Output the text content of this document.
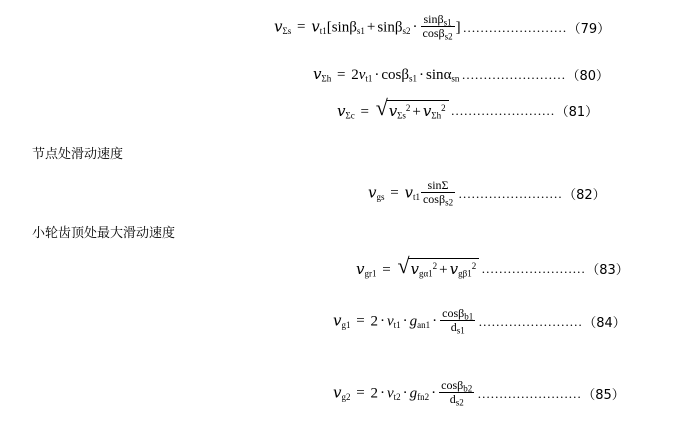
$v_{\Sigma s} = v_{t1}[\sin\beta_{s1} + \sin\beta_{s2} \cdot \frac{\sin\beta_{s1}}{\cos\beta_{s2}}$ ] …………………… （79）
$v_{\Sigma h} = 2v_{t1} \cdot \cos\beta_{s1} \cdot \sin\alpha_{sn}$ …………………… （80）
$v_{\Sigma c}$ = √ $v_{\Sigma s}^2 + v_{\Sigma h}^2$ …………………… （81）
节点处滑动速度
$v_{gs} = v_{t1} \frac{\sin\Sigma}{\cos\beta_{s2}}$ …………………… （82）
小轮齿顶处最大滑动速度
$v_{gr1}$ = √ $v_{g\alpha 1}^2 + v_{g\beta 1}^2$ …………………… （83）
$v_{g1} = 2 \cdot v_{t1} \cdot g_{an1} \cdot \frac{\cos\beta_{b1}}{d_{s1}}$ …………………… （84）
$v_{g2} = 2 \cdot v_{t2} \cdot g_{fn2} \cdot \frac{\cos\beta_{b2}}{d_{s2}}$ …………………… （85）
